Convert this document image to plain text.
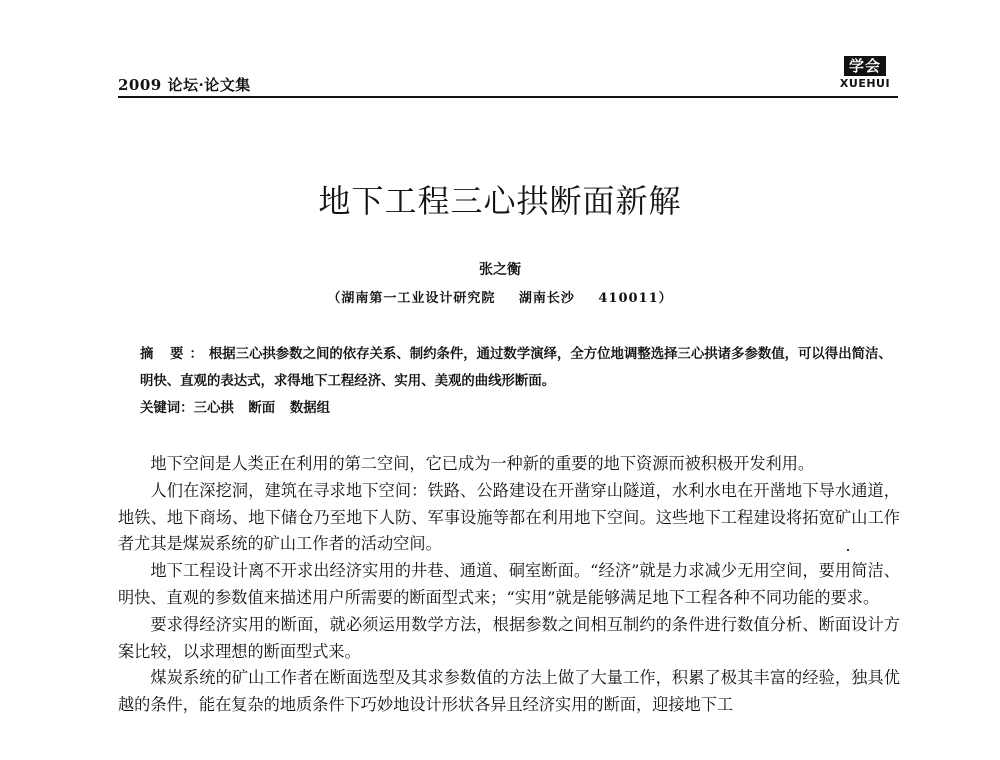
2009 论坛·论文集
学会
XUEHUI
地下工程三心拱断面新解
张之衡
（湖南第一工业设计研究院 湖南长沙 410011）

摘 要：根据三心拱参数之间的依存关系、制约条件，通过数学演绎，全方位地调整选择三心拱诸多参数值，可以得出简洁、明快、直观的表达式，求得地下工程经济、实用、美观的曲线形断面。

关键词：三心拱 断面 数据组

地下空间是人类正在利用的第二空间，它已成为一种新的重要的地下资源而被积极开发利用。

人们在深挖洞，建筑在寻求地下空间：铁路、公路建设在开凿穿山隧道，水利水电在开凿地下导水通道，地铁、地下商场、地下储仓乃至地下人防、军事设施等都在利用地下空间。这些地下工程建设将拓宽矿山工作者尤其是煤炭系统的矿山工作者的活动空间。

地下工程设计离不开求出经济实用的井巷、通道、硐室断面。“经济”就是力求减少无用空间，要用简洁、明快、直观的参数值来描述用户所需要的断面型式来；“实用”就是能够满足地下工程各种不同功能的要求。

要求得经济实用的断面，就必须运用数学方法，根据参数之间相互制约的条件进行数值分析、断面设计方案比较，以求理想的断面型式来。

煤炭系统的矿山工作者在断面选型及其求参数值的方法上做了大量工作，积累了极其丰富的经验，独具优越的条件，能在复杂的地质条件下巧妙地设计形状各异且经济实用的断面，迎接地下工
